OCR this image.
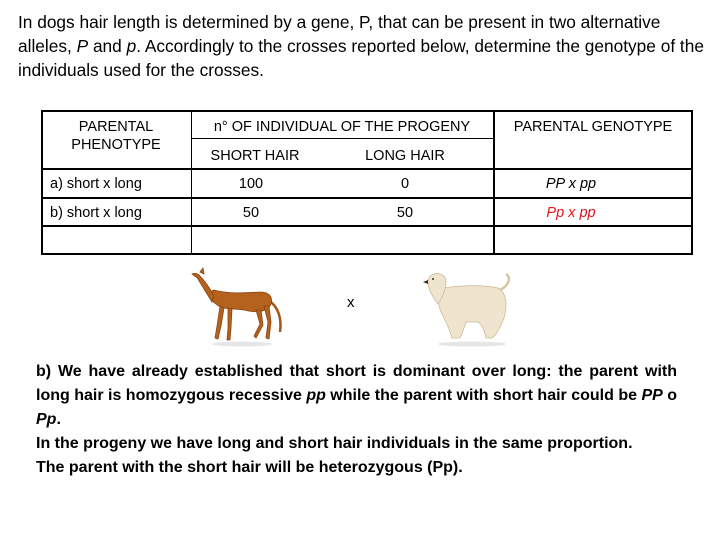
In dogs hair length is determined by a gene, P, that can be present in two alternative alleles, P and p. Accordingly to the crosses reported below, determine the genotype of the individuals used for the crosses.
PARENTAL PHENOTYPE
n° OF INDIVIDUAL OF THE PROGENY
SHORT HAIR	LONG HAIR
PARENTAL GENOTYPE
a) short x long	100	0	PP x pp
b) short x long	50	50	Pp x pp
x

b) We have already established that short is dominant over long: the parent with long hair is homozygous recessive pp while the parent with short hair could be PP o Pp.

In the progeny we have long and short hair individuals in the same proportion.

The parent with the short hair will be heterozygous (Pp).
